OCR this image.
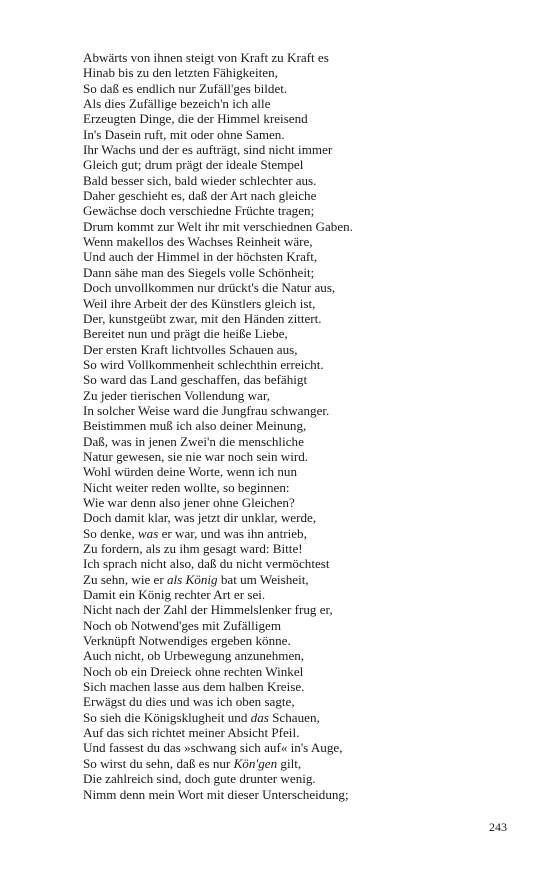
Abwärts von ihnen steigt von Kraft zu Kraft es
Hinab bis zu den letzten Fähigkeiten,
So daß es endlich nur Zufäll'ges bildet.
Als dies Zufällige bezeich'n ich alle
Erzeugten Dinge, die der Himmel kreisend
In's Dasein ruft, mit oder ohne Samen.
Ihr Wachs und der es aufträgt, sind nicht immer
Gleich gut; drum prägt der ideale Stempel
Bald besser sich, bald wieder schlechter aus.
Daher geschieht es, daß der Art nach gleiche
Gewächse doch verschiedne Früchte tragen;
Drum kommt zur Welt ihr mit verschiednen Gaben.
Wenn makellos des Wachses Reinheit wäre,
Und auch der Himmel in der höchsten Kraft,
Dann sähe man des Siegels volle Schönheit;
Doch unvollkommen nur drückt's die Natur aus,
Weil ihre Arbeit der des Künstlers gleich ist,
Der, kunstgeübt zwar, mit den Händen zittert.
Bereitet nun und prägt die heiße Liebe,
Der ersten Kraft lichtvolles Schauen aus,
So wird Vollkommenheit schlechthin erreicht.
So ward das Land geschaffen, das befähigt
Zu jeder tierischen Vollendung war,
In solcher Weise ward die Jungfrau schwanger.
Beistimmen muß ich also deiner Meinung,
Daß, was in jenen Zwei'n die menschliche
Natur gewesen, sie nie war noch sein wird.
Wohl würden deine Worte, wenn ich nun
Nicht weiter reden wollte, so beginnen:
Wie war denn also jener ohne Gleichen?
Doch damit klar, was jetzt dir unklar, werde,
So denke, was er war, und was ihn antrieb,
Zu fordern, als zu ihm gesagt ward: Bitte!
Ich sprach nicht also, daß du nicht vermöchtest
Zu sehn, wie er als König bat um Weisheit,
Damit ein König rechter Art er sei.
Nicht nach der Zahl der Himmelslenker frug er,
Noch ob Notwend'ges mit Zufälligem
Verknüpft Notwendiges ergeben könne.
Auch nicht, ob Urbewegung anzunehmen,
Noch ob ein Dreieck ohne rechten Winkel
Sich machen lasse aus dem halben Kreise.
Erwägst du dies und was ich oben sagte,
So sieh die Königsklugheit und das Schauen,
Auf das sich richtet meiner Absicht Pfeil.
Und fassest du das »schwang sich auf« in's Auge,
So wirst du sehn, daß es nur Kön'gen gilt,
Die zahlreich sind, doch gute drunter wenig.
Nimm denn mein Wort mit dieser Unterscheidung;
243
